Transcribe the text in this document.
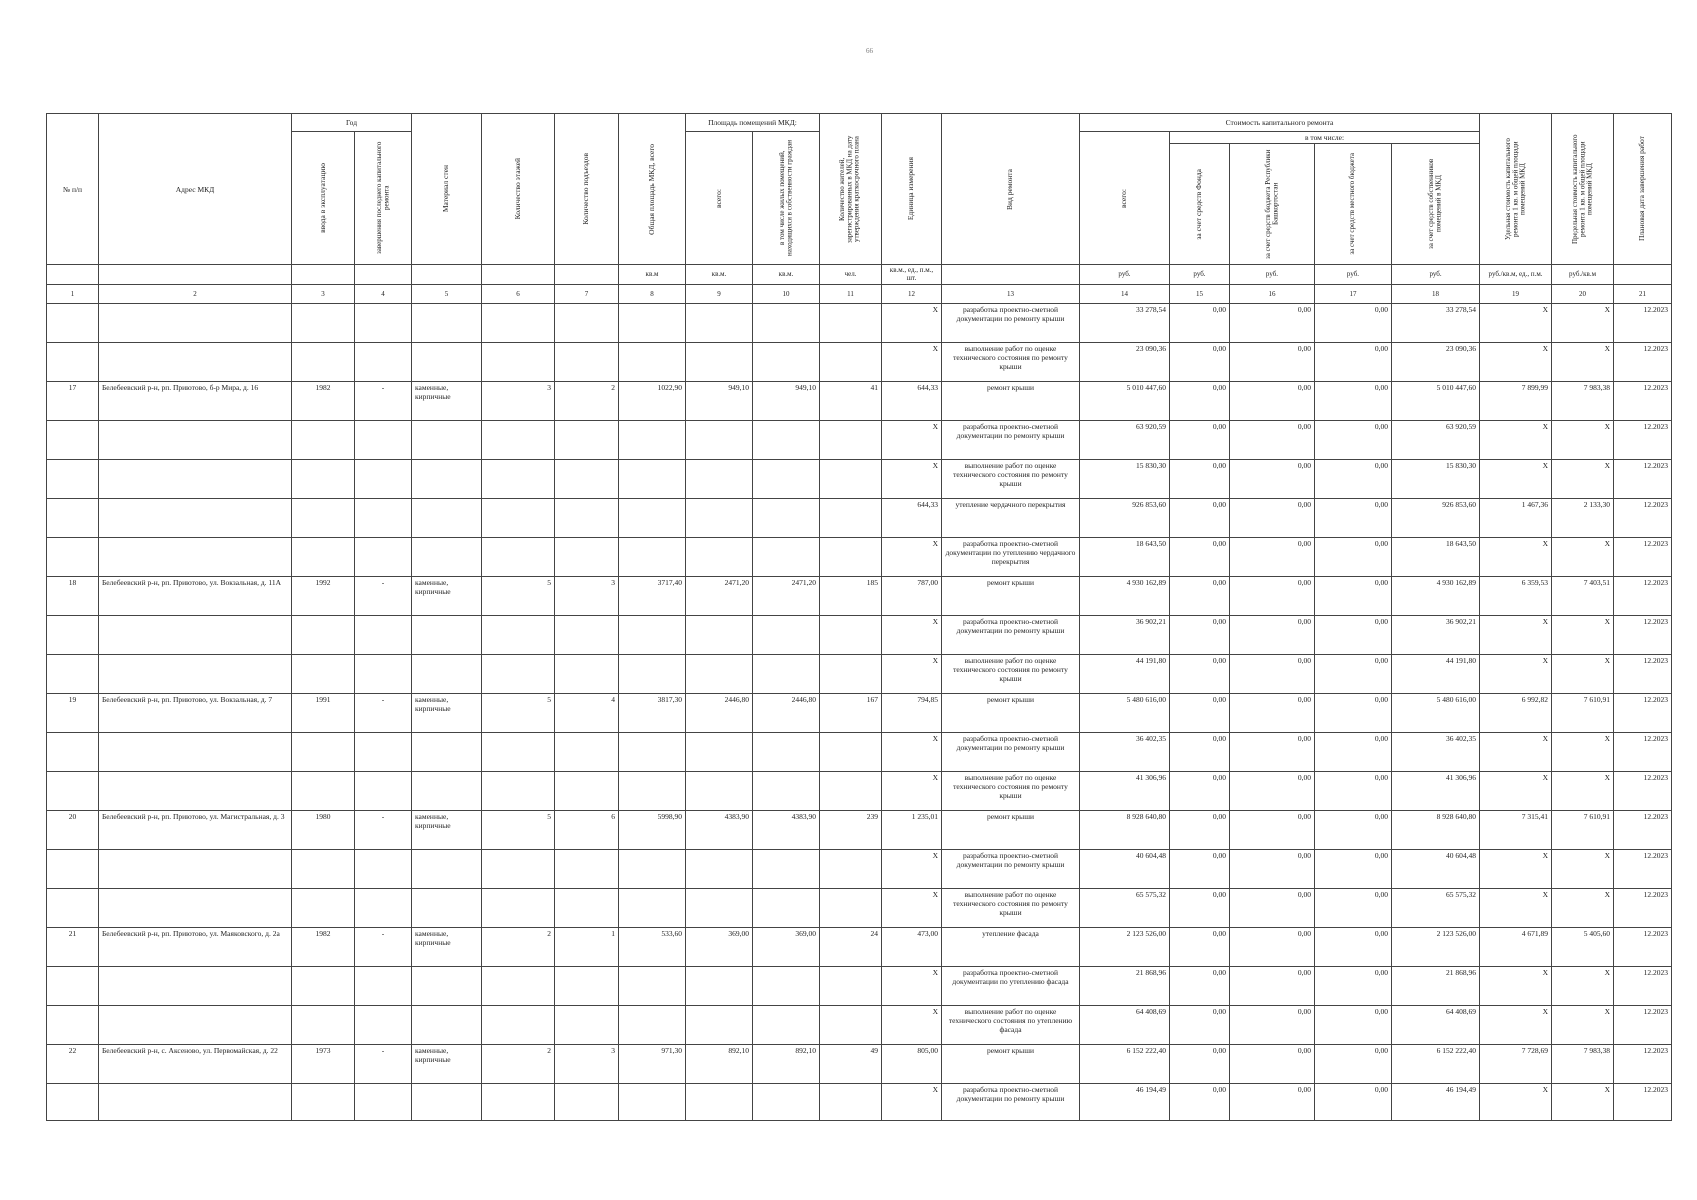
66
№ п/п	Адрес МКД	Год		Материал стен	Количество этажей	Количество подъездов	Общая площадь МКД, всего	Площадь помещений МКД:		Количество жителей, зарегистрированных в МКД на дату утверждения краткосрочного плана	Единица измерения	Вид ремонта	Стоимость капитального ремонта					Удельная стоимость капитального ремонта 1 кв. м общей площади помещений МКД	Предельная стоимость капитального ремонта 1 кв. м общей площади помещений МКД	Плановая дата завершения работ

		ввода в эксплуатацию	завершения последнего капитального ремонта					всего:	в том числе жилых помещений, находящихся в собственности граждан				всего:	в том числе:						

														за счет средств Фонда	за счет средств бюджета Республики Башкортостан	за счет средств местного бюджета	за счет средств собственников помещений в МКД			

							кв.м	кв.м.	кв.м.	чел.	кв.м., ед., п.м., шт.		руб.	руб.	руб.	руб.	руб.	руб./кв.м, ед., п.м.	руб./кв.м	
1	2	3	4	5	6	7	8	9	10	11	12	13	14	15	16	17	18	19	20	21
											X	разработка проектно-сметной документации по ремонту крыши	33 278,54	0,00	0,00	0,00	33 278,54	X	X	12.2023
											X	выполнение работ по оценке технического состояния по ремонту крыши	23 090,36	0,00	0,00	0,00	23 090,36	X	X	12.2023
17	Белебеевский р-н, рп. Приютово, б-р Мира, д. 16	1982	-	каменные, кирпичные	3	2	1022,90	949,10	949,10	41	644,33	ремонт крыши	5 010 447,60	0,00	0,00	0,00	5 010 447,60	7 899,99	7 983,38	12.2023
											X	разработка проектно-сметной документации по ремонту крыши	63 920,59	0,00	0,00	0,00	63 920,59	X	X	12.2023
											X	выполнение работ по оценке технического состояния по ремонту крыши	15 830,30	0,00	0,00	0,00	15 830,30	X	X	12.2023
											644,33	утепление чердачного перекрытия	926 853,60	0,00	0,00	0,00	926 853,60	1 467,36	2 133,30	12.2023
											X	разработка проектно-сметной документации по утеплению чердачного перекрытия	18 643,50	0,00	0,00	0,00	18 643,50	X	X	12.2023
18	Белебеевский р-н, рп. Приютово, ул. Вокзальная, д. 11А	1992	-	каменные, кирпичные	5	3	3717,40	2471,20	2471,20	185	787,00	ремонт крыши	4 930 162,89	0,00	0,00	0,00	4 930 162,89	6 359,53	7 403,51	12.2023
											X	разработка проектно-сметной документации по ремонту крыши	36 902,21	0,00	0,00	0,00	36 902,21	X	X	12.2023
											X	выполнение работ по оценке технического состояния по ремонту крыши	44 191,80	0,00	0,00	0,00	44 191,80	X	X	12.2023
19	Белебеевский р-н, рп. Приютово, ул. Вокзальная, д. 7	1991	-	каменные, кирпичные	5	4	3817,30	2446,80	2446,80	167	794,85	ремонт крыши	5 480 616,00	0,00	0,00	0,00	5 480 616,00	6 992,82	7 610,91	12.2023
											X	разработка проектно-сметной документации по ремонту крыши	36 402,35	0,00	0,00	0,00	36 402,35	X	X	12.2023
											X	выполнение работ по оценке технического состояния по ремонту крыши	41 306,96	0,00	0,00	0,00	41 306,96	X	X	12.2023
20	Белебеевский р-н, рп. Приютово, ул. Магистральная, д. 3	1980	-	каменные, кирпичные	5	6	5998,90	4383,90	4383,90	239	1 235,01	ремонт крыши	8 928 640,80	0,00	0,00	0,00	8 928 640,80	7 315,41	7 610,91	12.2023
											X	разработка проектно-сметной документации по ремонту крыши	40 604,48	0,00	0,00	0,00	40 604,48	X	X	12.2023
											X	выполнение работ по оценке технического состояния по ремонту крыши	65 575,32	0,00	0,00	0,00	65 575,32	X	X	12.2023
21	Белебеевский р-н, рп. Приютово, ул. Маяковского, д. 2а	1982	-	каменные, кирпичные	2	1	533,60	369,00	369,00	24	473,00	утепление фасада	2 123 526,00	0,00	0,00	0,00	2 123 526,00	4 671,89	5 405,60	12.2023
											X	разработка проектно-сметной документации по утеплению фасада	21 868,96	0,00	0,00	0,00	21 868,96	X	X	12.2023
											X	выполнение работ по оценке технического состояния по утеплению фасада	64 408,69	0,00	0,00	0,00	64 408,69	X	X	12.2023
22	Белебеевский р-н, с. Аксеново, ул. Первомайская, д. 22	1973	-	каменные, кирпичные	2	3	971,30	892,10	892,10	49	805,00	ремонт крыши	6 152 222,40	0,00	0,00	0,00	6 152 222,40	7 728,69	7 983,38	12.2023
											X	разработка проектно-сметной документации по ремонту крыши	46 194,49	0,00	0,00	0,00	46 194,49	X	X	12.2023
